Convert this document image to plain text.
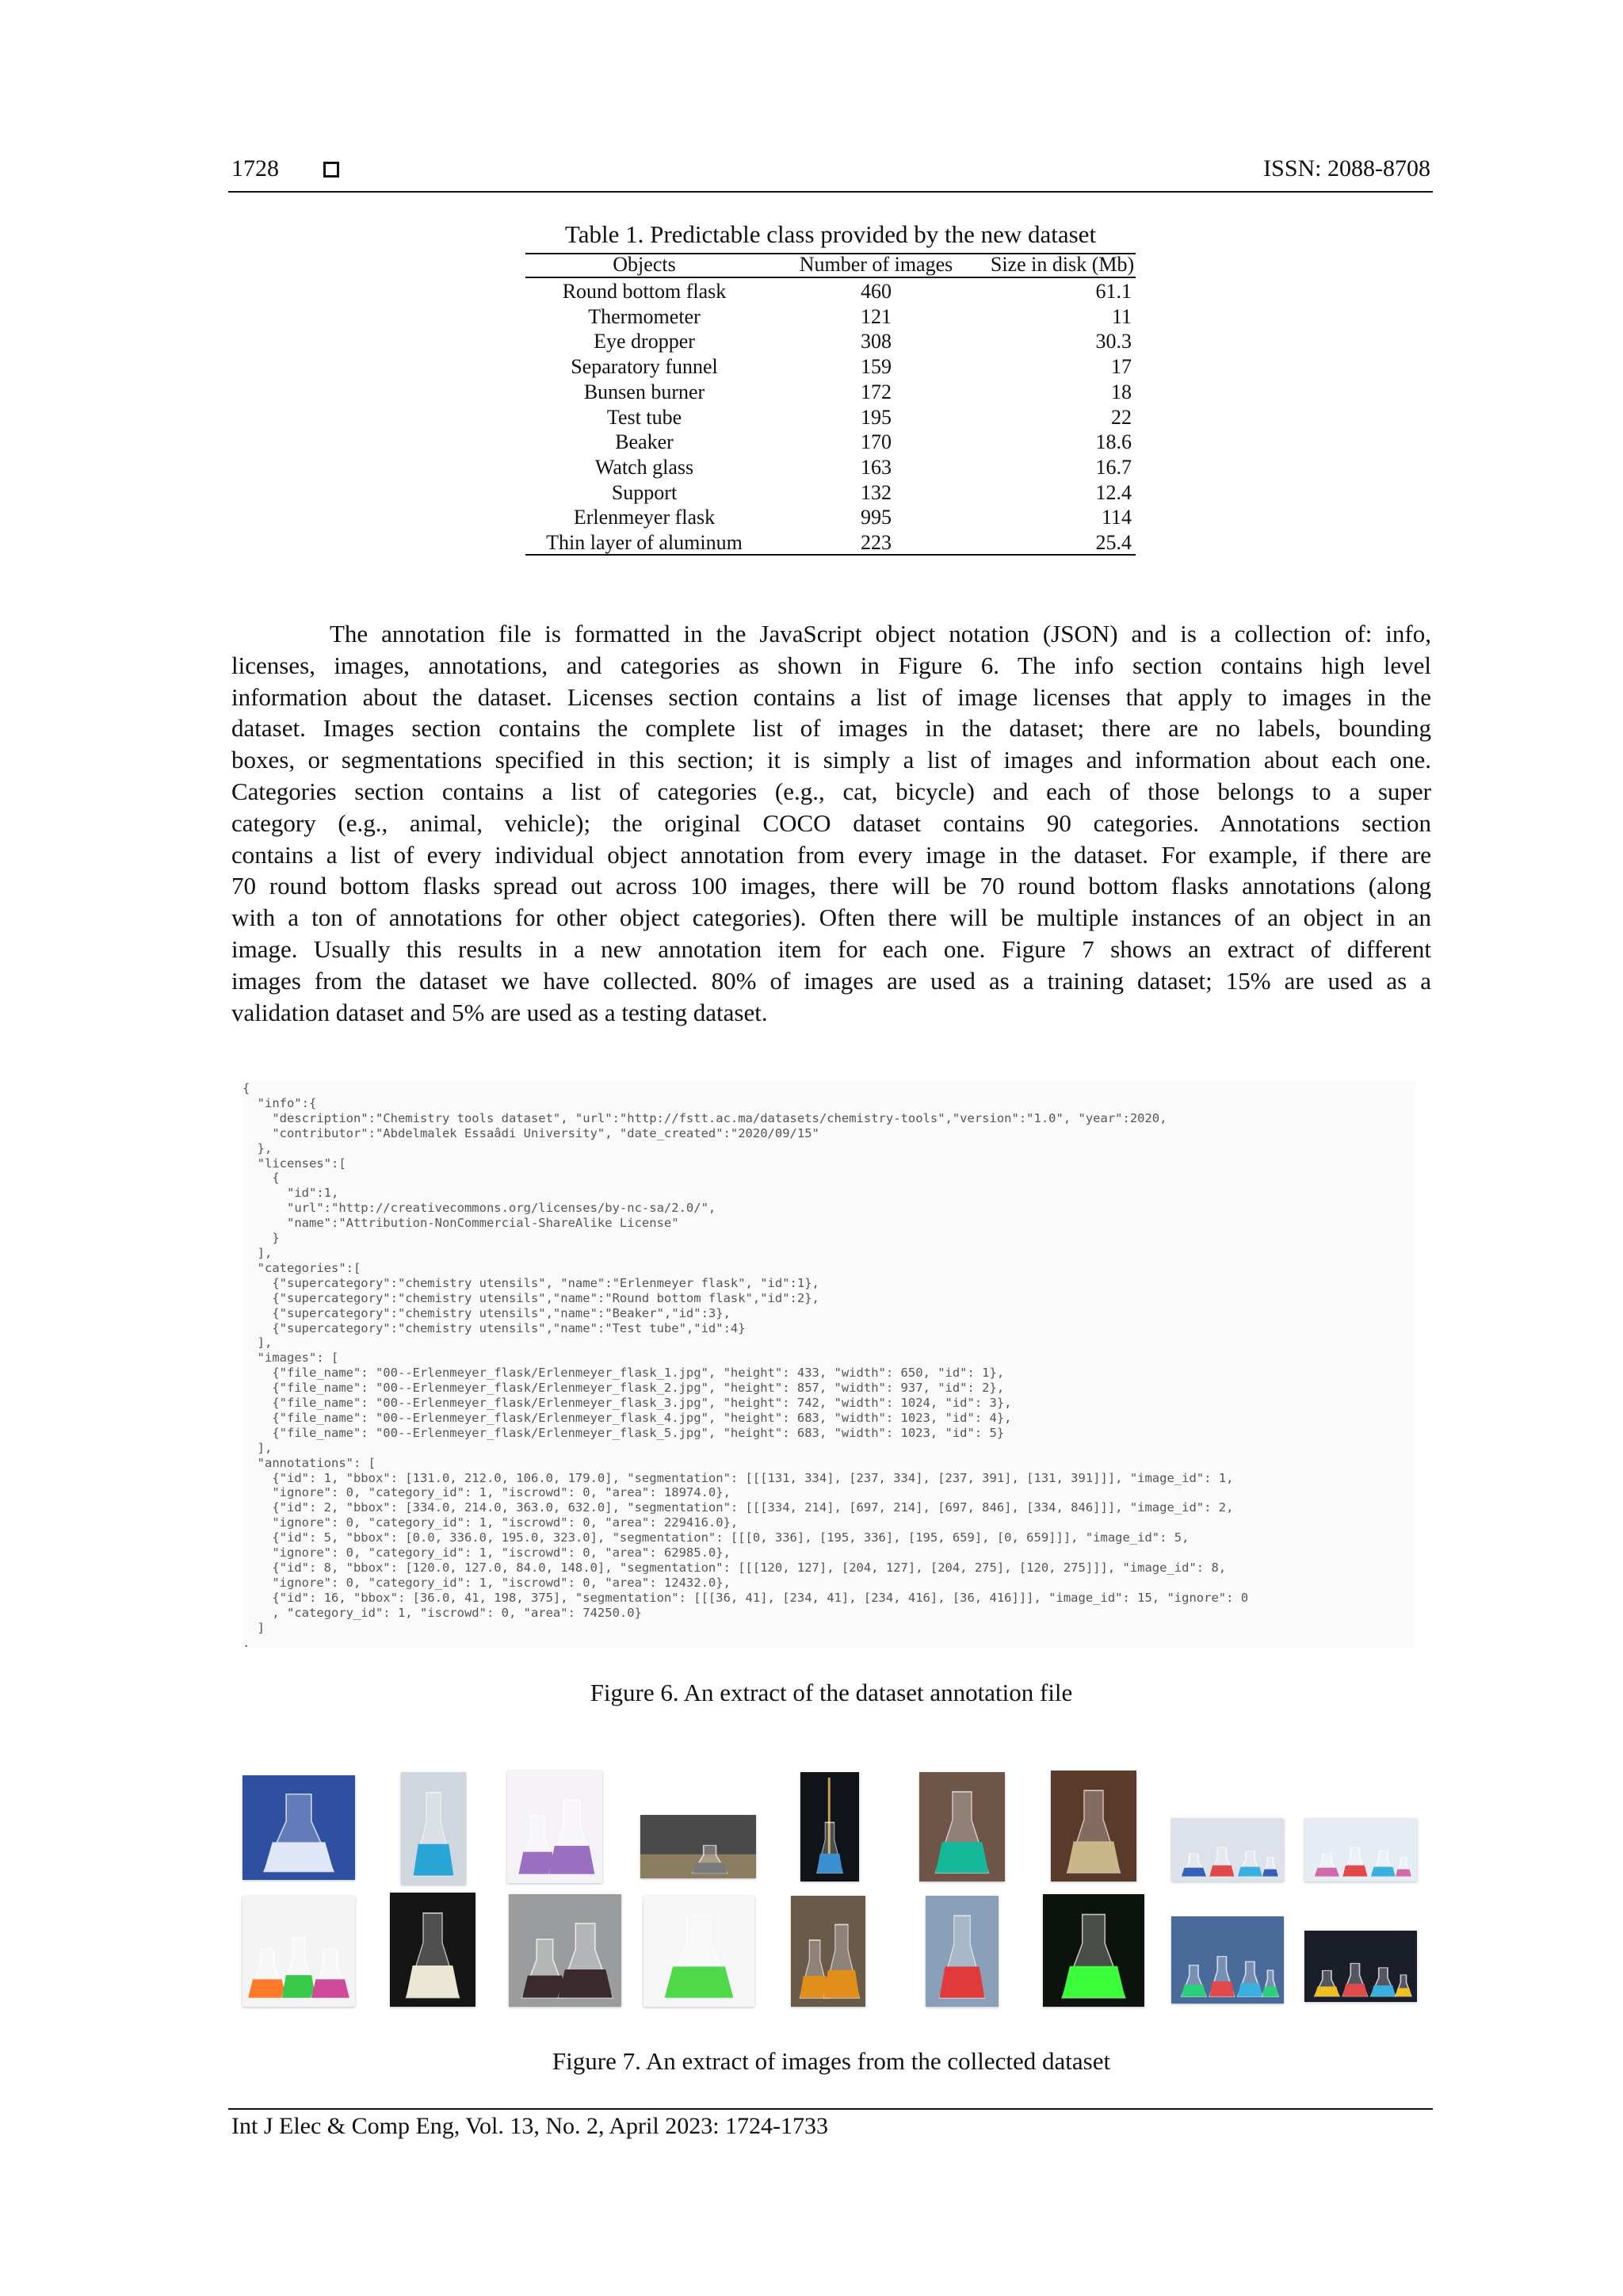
1728	ISSN: 2088-8708
Table 1. Predictable class provided by the new dataset
Objects	Number of images	Size in disk (Mb)
Round bottom flask	460	61.1
Thermometer	121	11
Eye dropper	308	30.3
Separatory funnel	159	17
Bunsen burner	172	18
Test tube	195	22
Beaker	170	18.6
Watch glass	163	16.7
Support	132	12.4
Erlenmeyer flask	995	114
Thin layer of aluminum	223	25.4
The annotation file is formatted in the JavaScript object notation (JSON) and is a collection of: info,
licenses, images, annotations, and categories as shown in Figure 6. The info section contains high level
information about the dataset. Licenses section contains a list of image licenses that apply to images in the
dataset. Images section contains the complete list of images in the dataset; there are no labels, bounding
boxes, or segmentations specified in this section; it is simply a list of images and information about each one.
Categories section contains a list of categories (e.g., cat, bicycle) and each of those belongs to a super
category (e.g., animal, vehicle); the original COCO dataset contains 90 categories. Annotations section
contains a list of every individual object annotation from every image in the dataset. For example, if there are
70 round bottom flasks spread out across 100 images, there will be 70 round bottom flasks annotations (along
with a ton of annotations for other object categories). Often there will be multiple instances of an object in an
image. Usually this results in a new annotation item for each one. Figure 7 shows an extract of different
images from the dataset we have collected. 80% of images are used as a training dataset; 15% are used as a
validation dataset and 5% are used as a testing dataset.
{
"info":{
"description":"Chemistry tools dataset", "url":"http://fstt.ac.ma/datasets/chemistry-tools","version":"1.0", "year":2020,
"contributor":"Abdelmalek Essaâdi University", "date_created":"2020/09/15"
},
"licenses":[
{
"id":1,
"url":"http://creativecommons.org/licenses/by-nc-sa/2.0/",
"name":"Attribution-NonCommercial-ShareAlike License"
}
],
"categories":[
{"supercategory":"chemistry utensils", "name":"Erlenmeyer flask", "id":1},
{"supercategory":"chemistry utensils","name":"Round bottom flask","id":2},
{"supercategory":"chemistry utensils","name":"Beaker","id":3},
{"supercategory":"chemistry utensils","name":"Test tube","id":4}
],
"images": [
{"file_name": "00--Erlenmeyer_flask/Erlenmeyer_flask_1.jpg", "height": 433, "width": 650, "id": 1},
{"file_name": "00--Erlenmeyer_flask/Erlenmeyer_flask_2.jpg", "height": 857, "width": 937, "id": 2},
{"file_name": "00--Erlenmeyer_flask/Erlenmeyer_flask_3.jpg", "height": 742, "width": 1024, "id": 3},
{"file_name": "00--Erlenmeyer_flask/Erlenmeyer_flask_4.jpg", "height": 683, "width": 1023, "id": 4},
{"file_name": "00--Erlenmeyer_flask/Erlenmeyer_flask_5.jpg", "height": 683, "width": 1023, "id": 5}
],
"annotations": [
{"id": 1, "bbox": [131.0, 212.0, 106.0, 179.0], "segmentation": [[[131, 334], [237, 334], [237, 391], [131, 391]]], "image_id": 1,
"ignore": 0, "category_id": 1, "iscrowd": 0, "area": 18974.0},
{"id": 2, "bbox": [334.0, 214.0, 363.0, 632.0], "segmentation": [[[334, 214], [697, 214], [697, 846], [334, 846]]], "image_id": 2,
"ignore": 0, "category_id": 1, "iscrowd": 0, "area": 229416.0},
{"id": 5, "bbox": [0.0, 336.0, 195.0, 323.0], "segmentation": [[[0, 336], [195, 336], [195, 659], [0, 659]]], "image_id": 5,
"ignore": 0, "category_id": 1, "iscrowd": 0, "area": 62985.0},
{"id": 8, "bbox": [120.0, 127.0, 84.0, 148.0], "segmentation": [[[120, 127], [204, 127], [204, 275], [120, 275]]], "image_id": 8,
"ignore": 0, "category_id": 1, "iscrowd": 0, "area": 12432.0},
{"id": 16, "bbox": [36.0, 41, 198, 375], "segmentation": [[[36, 41], [234, 41], [234, 416], [36, 416]]], "image_id": 15, "ignore": 0
, "category_id": 1, "iscrowd": 0, "area": 74250.0}
]
.
Figure 6. An extract of the dataset annotation file
Figure 7. An extract of images from the collected dataset
Int J Elec & Comp Eng, Vol. 13, No. 2, April 2023: 1724-1733
